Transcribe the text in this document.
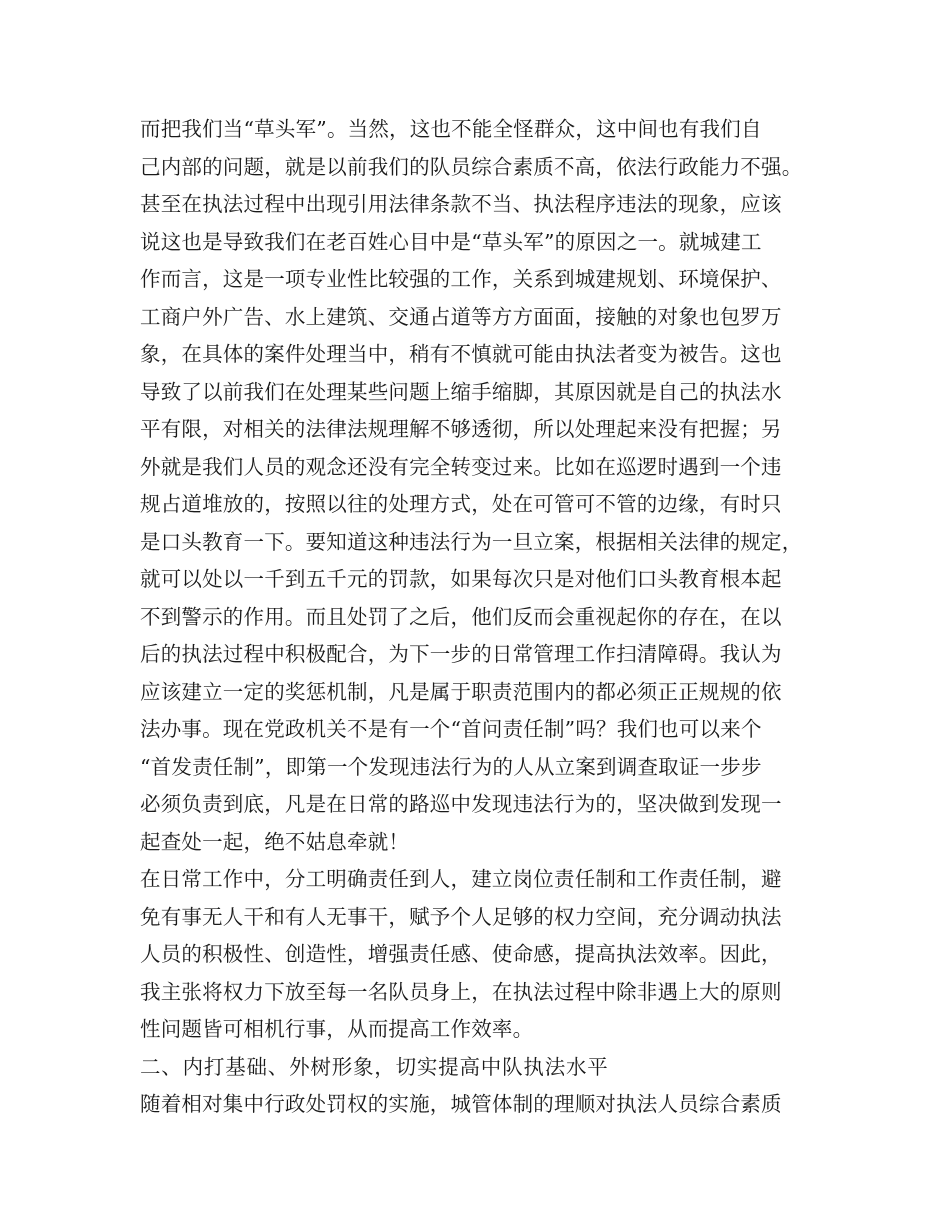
而把我们当“草头军”。当然，这也不能全怪群众，这中间也有我们自
己内部的问题，就是以前我们的队员综合素质不高，依法行政能力不强。
甚至在执法过程中出现引用法律条款不当、执法程序违法的现象，应该
说这也是导致我们在老百姓心目中是“草头军”的原因之一。就城建工
作而言，这是一项专业性比较强的工作，关系到城建规划、环境保护、
工商户外广告、水上建筑、交通占道等方方面面，接触的对象也包罗万
象，在具体的案件处理当中，稍有不慎就可能由执法者变为被告。这也
导致了以前我们在处理某些问题上缩手缩脚，其原因就是自己的执法水
平有限，对相关的法律法规理解不够透彻，所以处理起来没有把握；另
外就是我们人员的观念还没有完全转变过来。比如在巡逻时遇到一个违
规占道堆放的，按照以往的处理方式，处在可管可不管的边缘，有时只
是口头教育一下。要知道这种违法行为一旦立案，根据相关法律的规定，
就可以处以一千到五千元的罚款，如果每次只是对他们口头教育根本起
不到警示的作用。而且处罚了之后，他们反而会重视起你的存在，在以
后的执法过程中积极配合，为下一步的日常管理工作扫清障碍。我认为
应该建立一定的奖惩机制，凡是属于职责范围内的都必须正正规规的依
法办事。现在党政机关不是有一个“首问责任制”吗？我们也可以来个
“首发责任制”，即第一个发现违法行为的人从立案到调查取证一步步
必须负责到底，凡是在日常的路巡中发现违法行为的，坚决做到发现一
起查处一起，绝不姑息牵就！
在日常工作中，分工明确责任到人，建立岗位责任制和工作责任制，避
免有事无人干和有人无事干，赋予个人足够的权力空间，充分调动执法
人员的积极性、创造性，增强责任感、使命感，提高执法效率。因此，
我主张将权力下放至每一名队员身上，在执法过程中除非遇上大的原则
性问题皆可相机行事，从而提高工作效率。
二、内打基础、外树形象，切实提高中队执法水平
随着相对集中行政处罚权的实施，城管体制的理顺对执法人员综合素质
